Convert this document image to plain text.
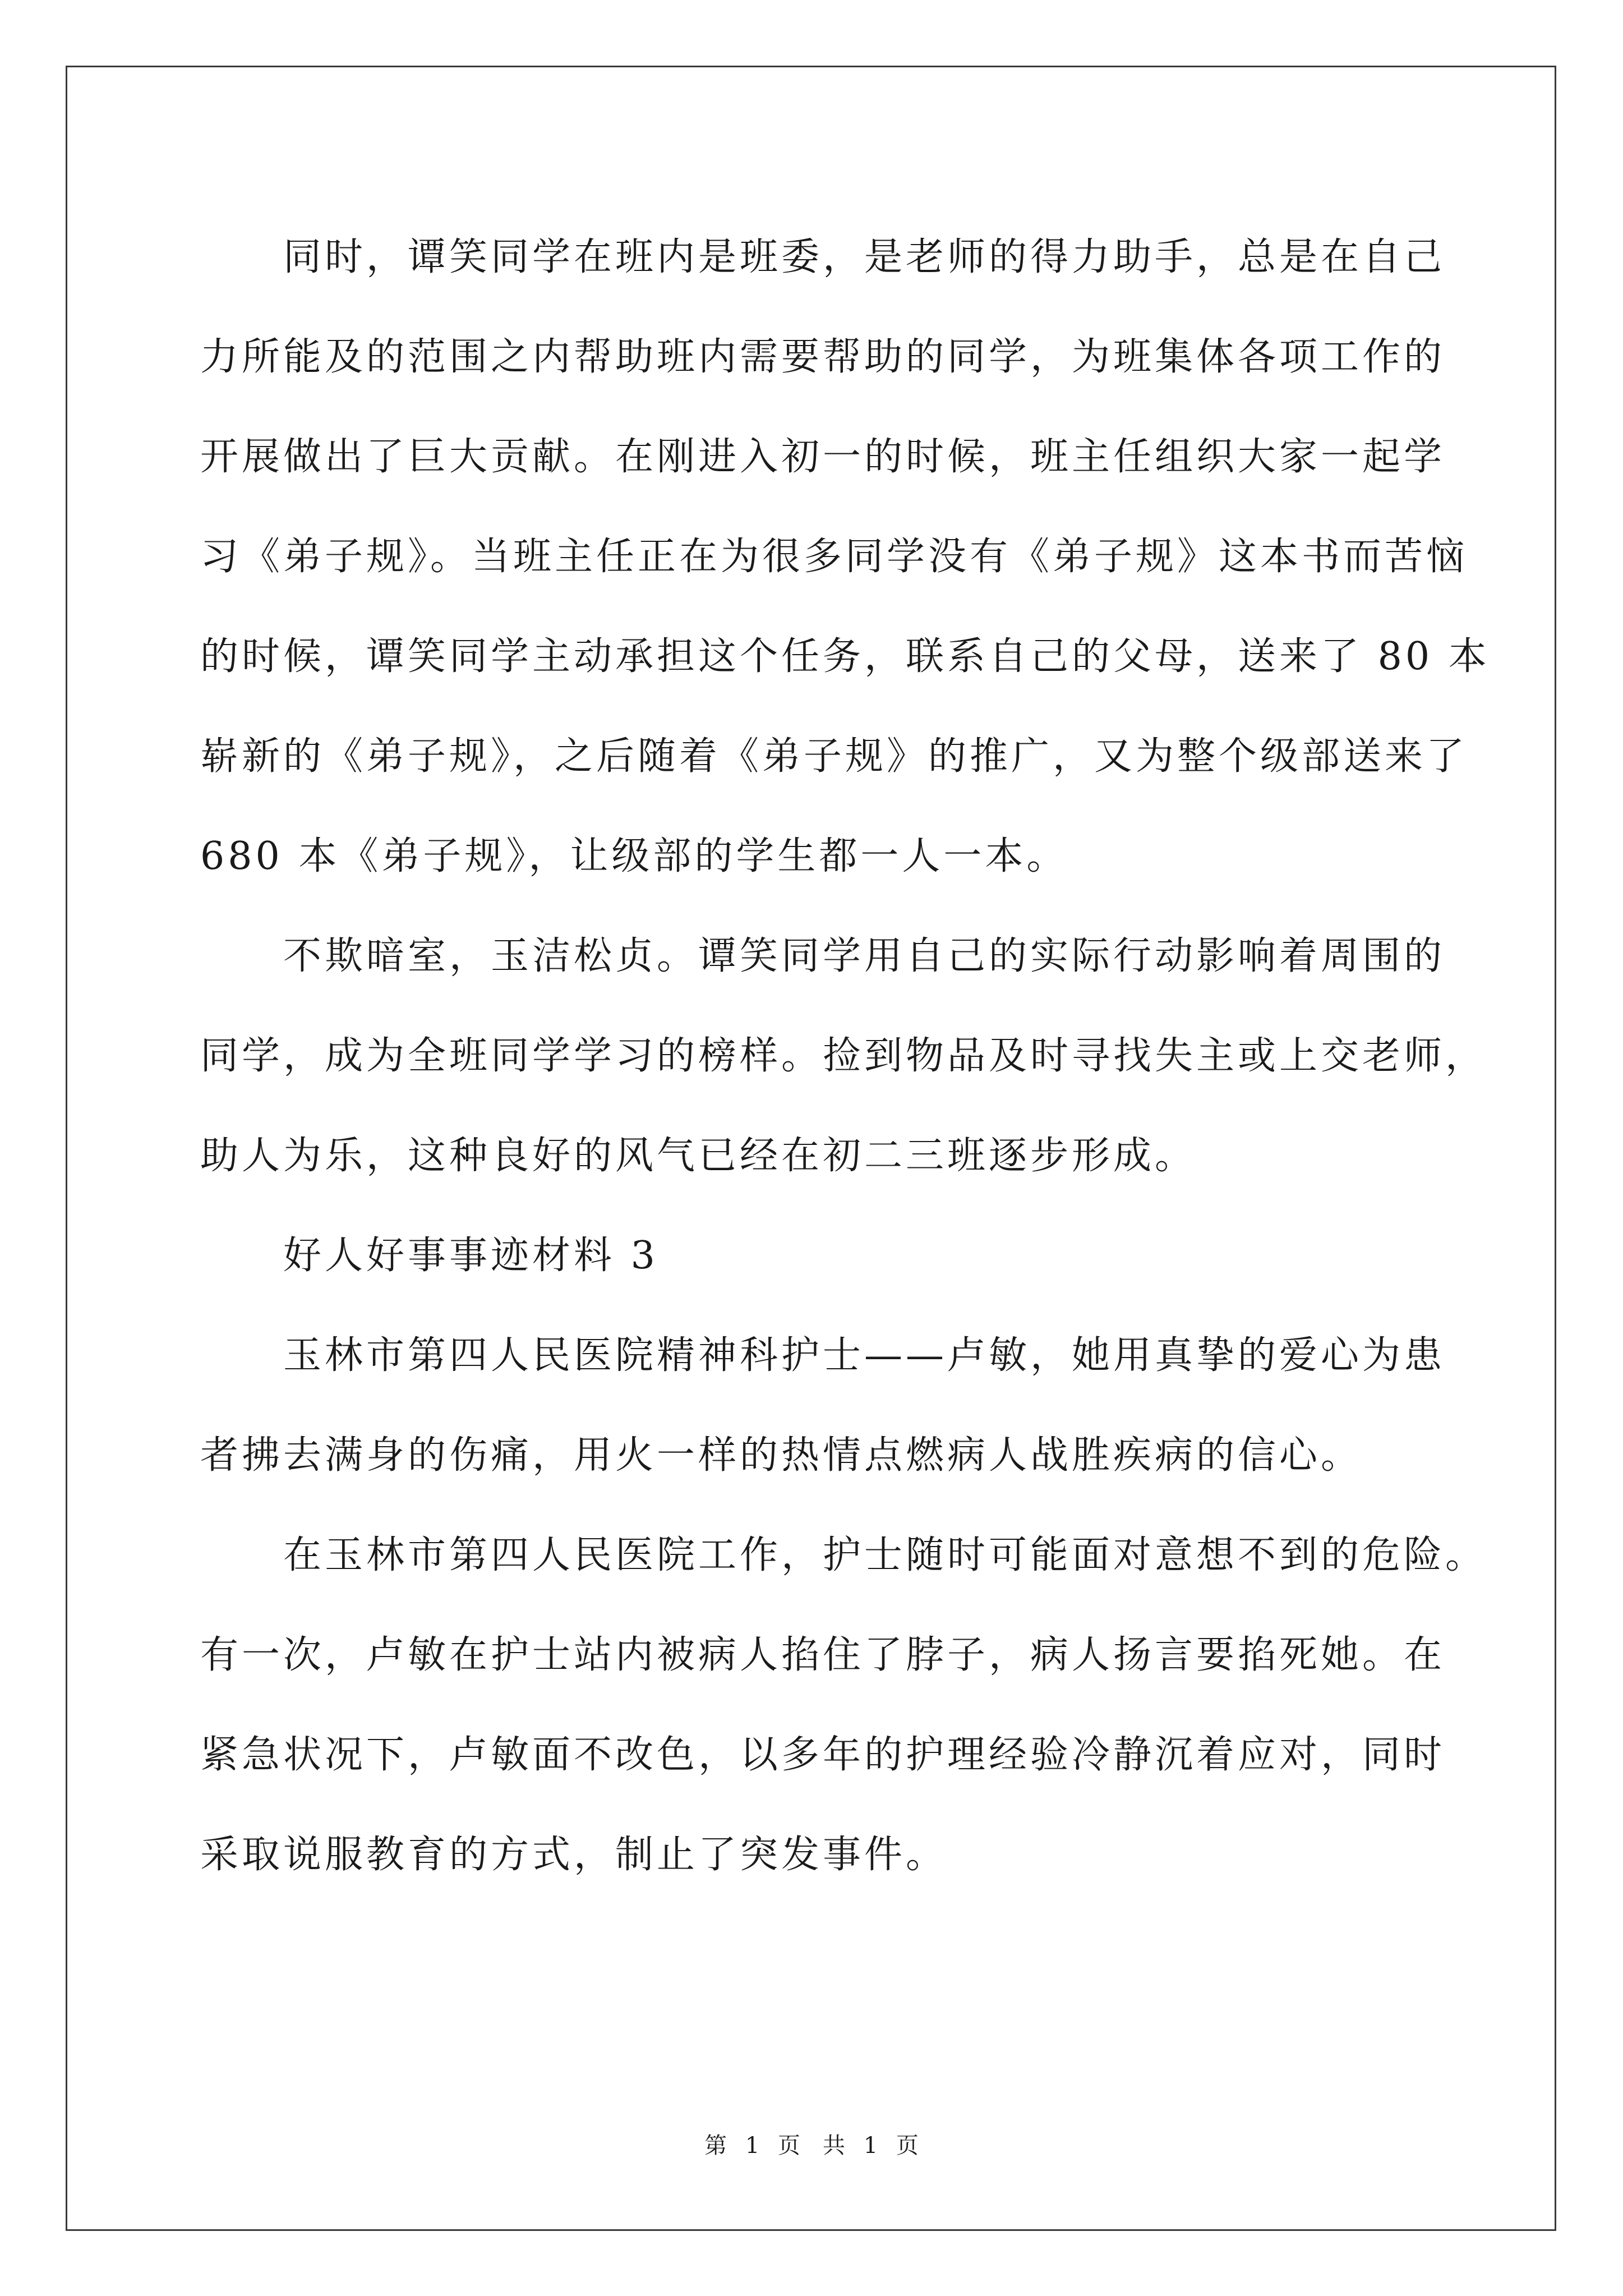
同时，谭笑同学在班内是班委，是老师的得力助手，总是在自己
力所能及的范围之内帮助班内需要帮助的同学，为班集体各项工作的
开展做出了巨大贡献。在刚进入初一的时候，班主任组织大家一起学
习《弟子规》。当班主任正在为很多同学没有《弟子规》这本书而苦恼
的时候，谭笑同学主动承担这个任务，联系自己的父母，送来了 80 本
崭新的《弟子规》，之后随着《弟子规》的推广，又为整个级部送来了
680 本《弟子规》，让级部的学生都一人一本。
不欺暗室，玉洁松贞。谭笑同学用自己的实际行动影响着周围的
同学，成为全班同学学习的榜样。捡到物品及时寻找失主或上交老师，
助人为乐，这种良好的风气已经在初二三班逐步形成。
好人好事事迹材料 3
玉林市第四人民医院精神科护士——卢敏，她用真挚的爱心为患
者拂去满身的伤痛，用火一样的热情点燃病人战胜疾病的信心。
在玉林市第四人民医院工作，护士随时可能面对意想不到的危险。
有一次，卢敏在护士站内被病人掐住了脖子，病人扬言要掐死她。在
紧急状况下，卢敏面不改色，以多年的护理经验冷静沉着应对，同时
采取说服教育的方式，制止了突发事件。
第 1 页　共 1 页
